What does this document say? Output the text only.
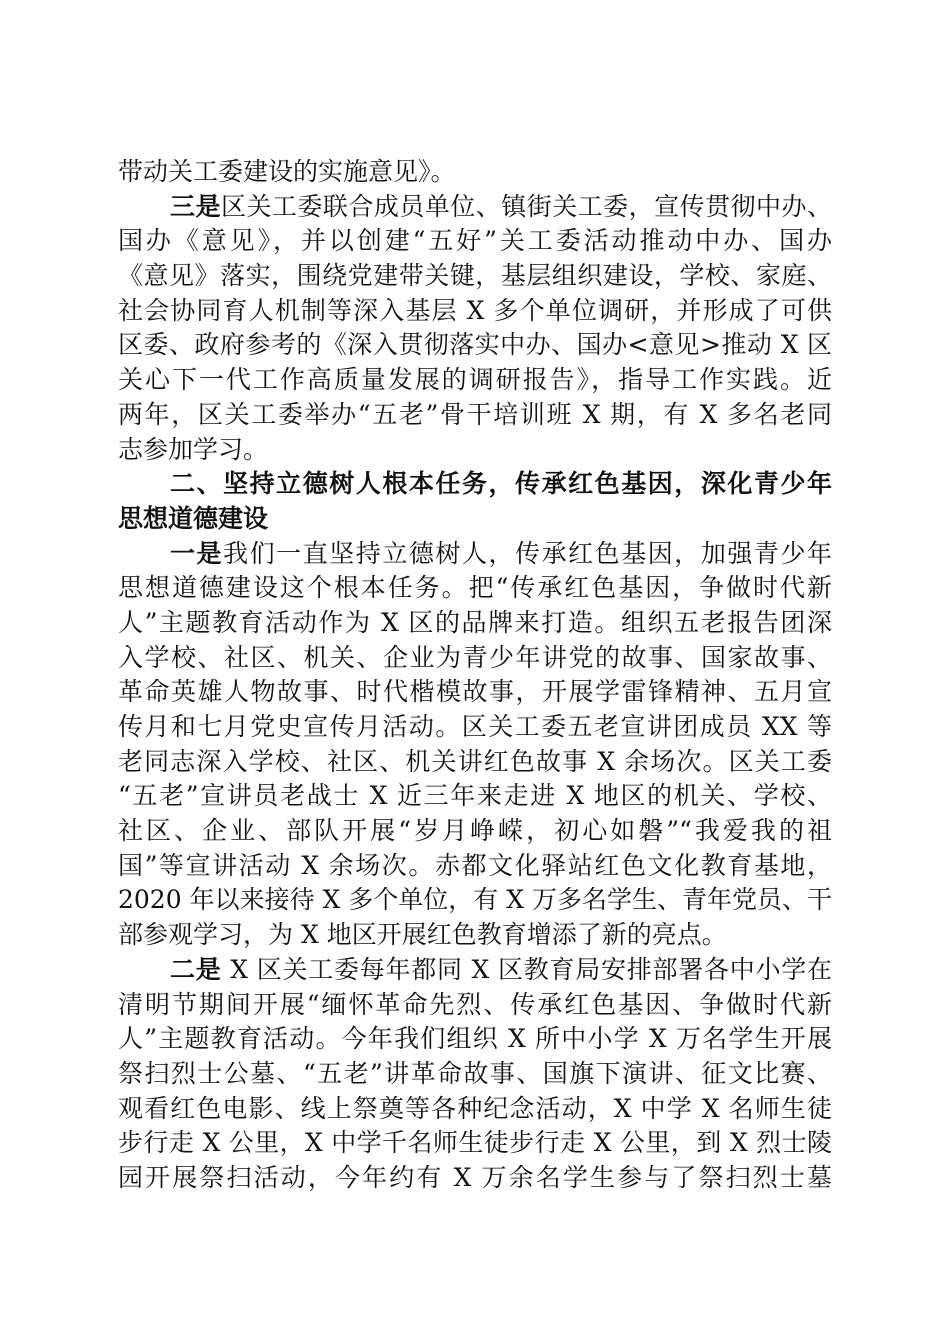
带动关工委建设的实施意见》。
三是区关工委联合成员单位、镇街关工委，宣传贯彻中办、
国办《意见》，并以创建“五好”关工委活动推动中办、国办
《意见》落实，围绕党建带关键，基层组织建设，学校、家庭、
社会协同育人机制等深入基层 X 多个单位调研，并形成了可供
区委、政府参考的《深入贯彻落实中办、国办<意见>推动 X 区
关心下一代工作高质量发展的调研报告》，指导工作实践。近
两年，区关工委举办“五老”骨干培训班 X 期，有 X 多名老同
志参加学习。
二、坚持立德树人根本任务，传承红色基因，深化青少年
思想道德建设
一是我们一直坚持立德树人，传承红色基因，加强青少年
思想道德建设这个根本任务。把“传承红色基因，争做时代新
人”主题教育活动作为 X 区的品牌来打造。组织五老报告团深
入学校、社区、机关、企业为青少年讲党的故事、国家故事、
革命英雄人物故事、时代楷模故事，开展学雷锋精神、五月宣
传月和七月党史宣传月活动。区关工委五老宣讲团成员 XX 等
老同志深入学校、社区、机关讲红色故事 X 余场次。区关工委
“五老”宣讲员老战士 X 近三年来走进 X 地区的机关、学校、
社区、企业、部队开展“岁月峥嵘，初心如磐”“我爱我的祖
国”等宣讲活动 X 余场次。赤都文化驿站红色文化教育基地，
2020 年以来接待 X 多个单位，有 X 万多名学生、青年党员、干
部参观学习，为 X 地区开展红色教育增添了新的亮点。
二是 X 区关工委每年都同 X 区教育局安排部署各中小学在
清明节期间开展“缅怀革命先烈、传承红色基因、争做时代新
人”主题教育活动。今年我们组织 X 所中小学 X 万名学生开展
祭扫烈士公墓、“五老”讲革命故事、国旗下演讲、征文比赛、
观看红色电影、线上祭奠等各种纪念活动，X 中学 X 名师生徒
步行走 X 公里，X 中学千名师生徒步行走 X 公里，到 X 烈士陵
园开展祭扫活动，今年约有 X 万余名学生参与了祭扫烈士墓
